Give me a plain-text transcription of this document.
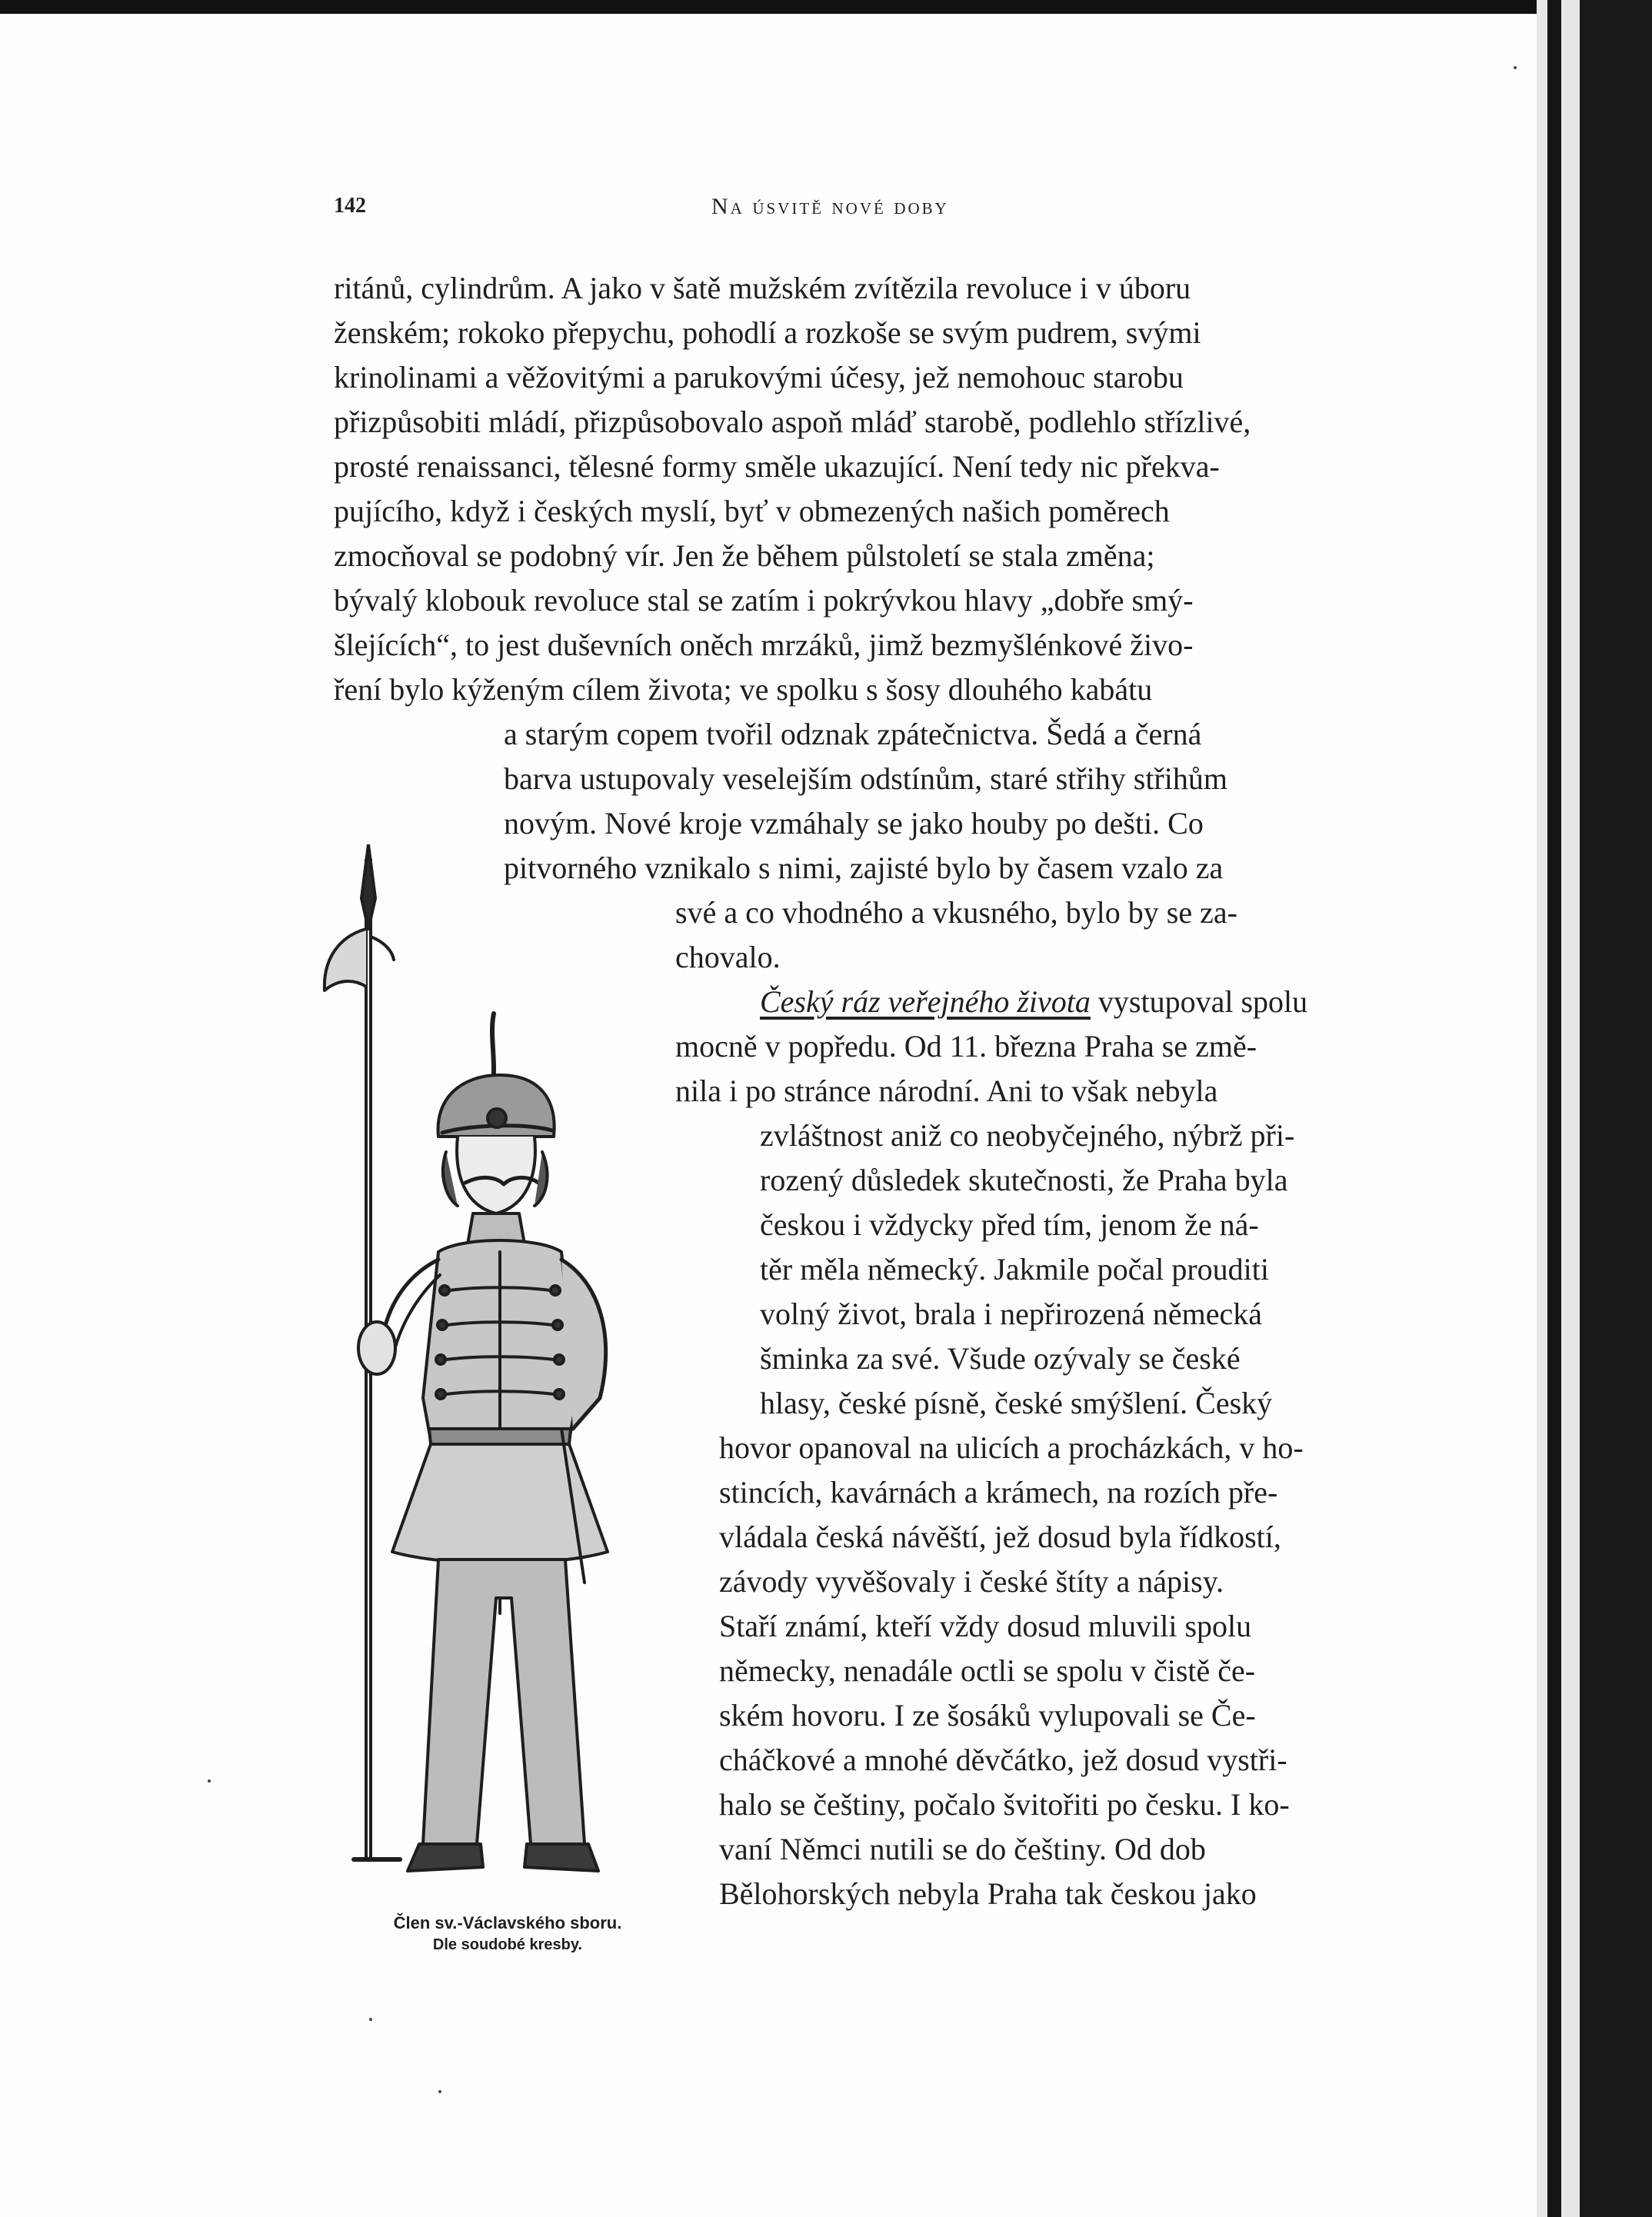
142	Na úsvitě nové doby
ritánů, cylindrům. A jako v šatě mužském zvítězila revoluce i v úboru
ženském; rokoko přepychu, pohodlí a rozkoše se svým pudrem, svými
krinolinami a věžovitými a parukovými účesy, jež nemohouc starobu
přizpůsobiti mládí, přizpůsobovalo aspoň mláď starobě, podlehlo střízlivé,
prosté renaissanci, tělesné formy směle ukazující. Není tedy nic překva-
pujícího, když i českých myslí, byť v obmezených našich poměrech
zmocňoval se podobný vír. Jen že během půlstoletí se stala změna;
bývalý klobouk revoluce stal se zatím i pokrývkou hlavy „dobře smý-
šlejících“, to jest duševních oněch mrzáků, jimž bezmyšlénkové živo-
ření bylo kýženým cílem života; ve spolku s šosy dlouhého kabátu
a starým copem tvořil odznak zpátečnictva. Šedá a černá
barva ustupovaly veselejším odstínům, staré střihy střihům
novým. Nové kroje vzmáhaly se jako houby po dešti. Co
pitvorného vznikalo s nimi, zajisté bylo by časem vzalo za
své a co vhodného a vkusného, bylo by se za-
chovalo.
Český ráz veřejného života vystupoval spolu
mocně v popředu. Od 11. března Praha se změ-
nila i po stránce národní. Ani to však nebyla
zvláštnost aniž co neobyčejného, nýbrž při-
rozený důsledek skutečnosti, že Praha byla
českou i vždycky před tím, jenom že ná-
těr měla německý. Jakmile počal prouditi
volný život, brala i nepřirozená německá
šminka za své. Všude ozývaly se české
hlasy, české písně, české smýšlení. Český
hovor opanoval na ulicích a procházkách, v ho-
stincích, kavárnách a krámech, na rozích pře-
vládala česká návěští, jež dosud byla řídkostí,
závody vyvěšovaly i české štíty a nápisy.
Staří známí, kteří vždy dosud mluvili spolu
německy, nenadále octli se spolu v čistě če-
ském hovoru. I ze šosáků vylupovali se Če-
cháčkové a mnohé děvčátko, jež dosud vystři-
halo se češtiny, počalo švitořiti po česku. I ko-
vaní Němci nutili se do češtiny. Od dob
Bělohorských nebyla Praha tak českou jako
Člen sv.-Václavského sboru.
Dle soudobé kresby.
